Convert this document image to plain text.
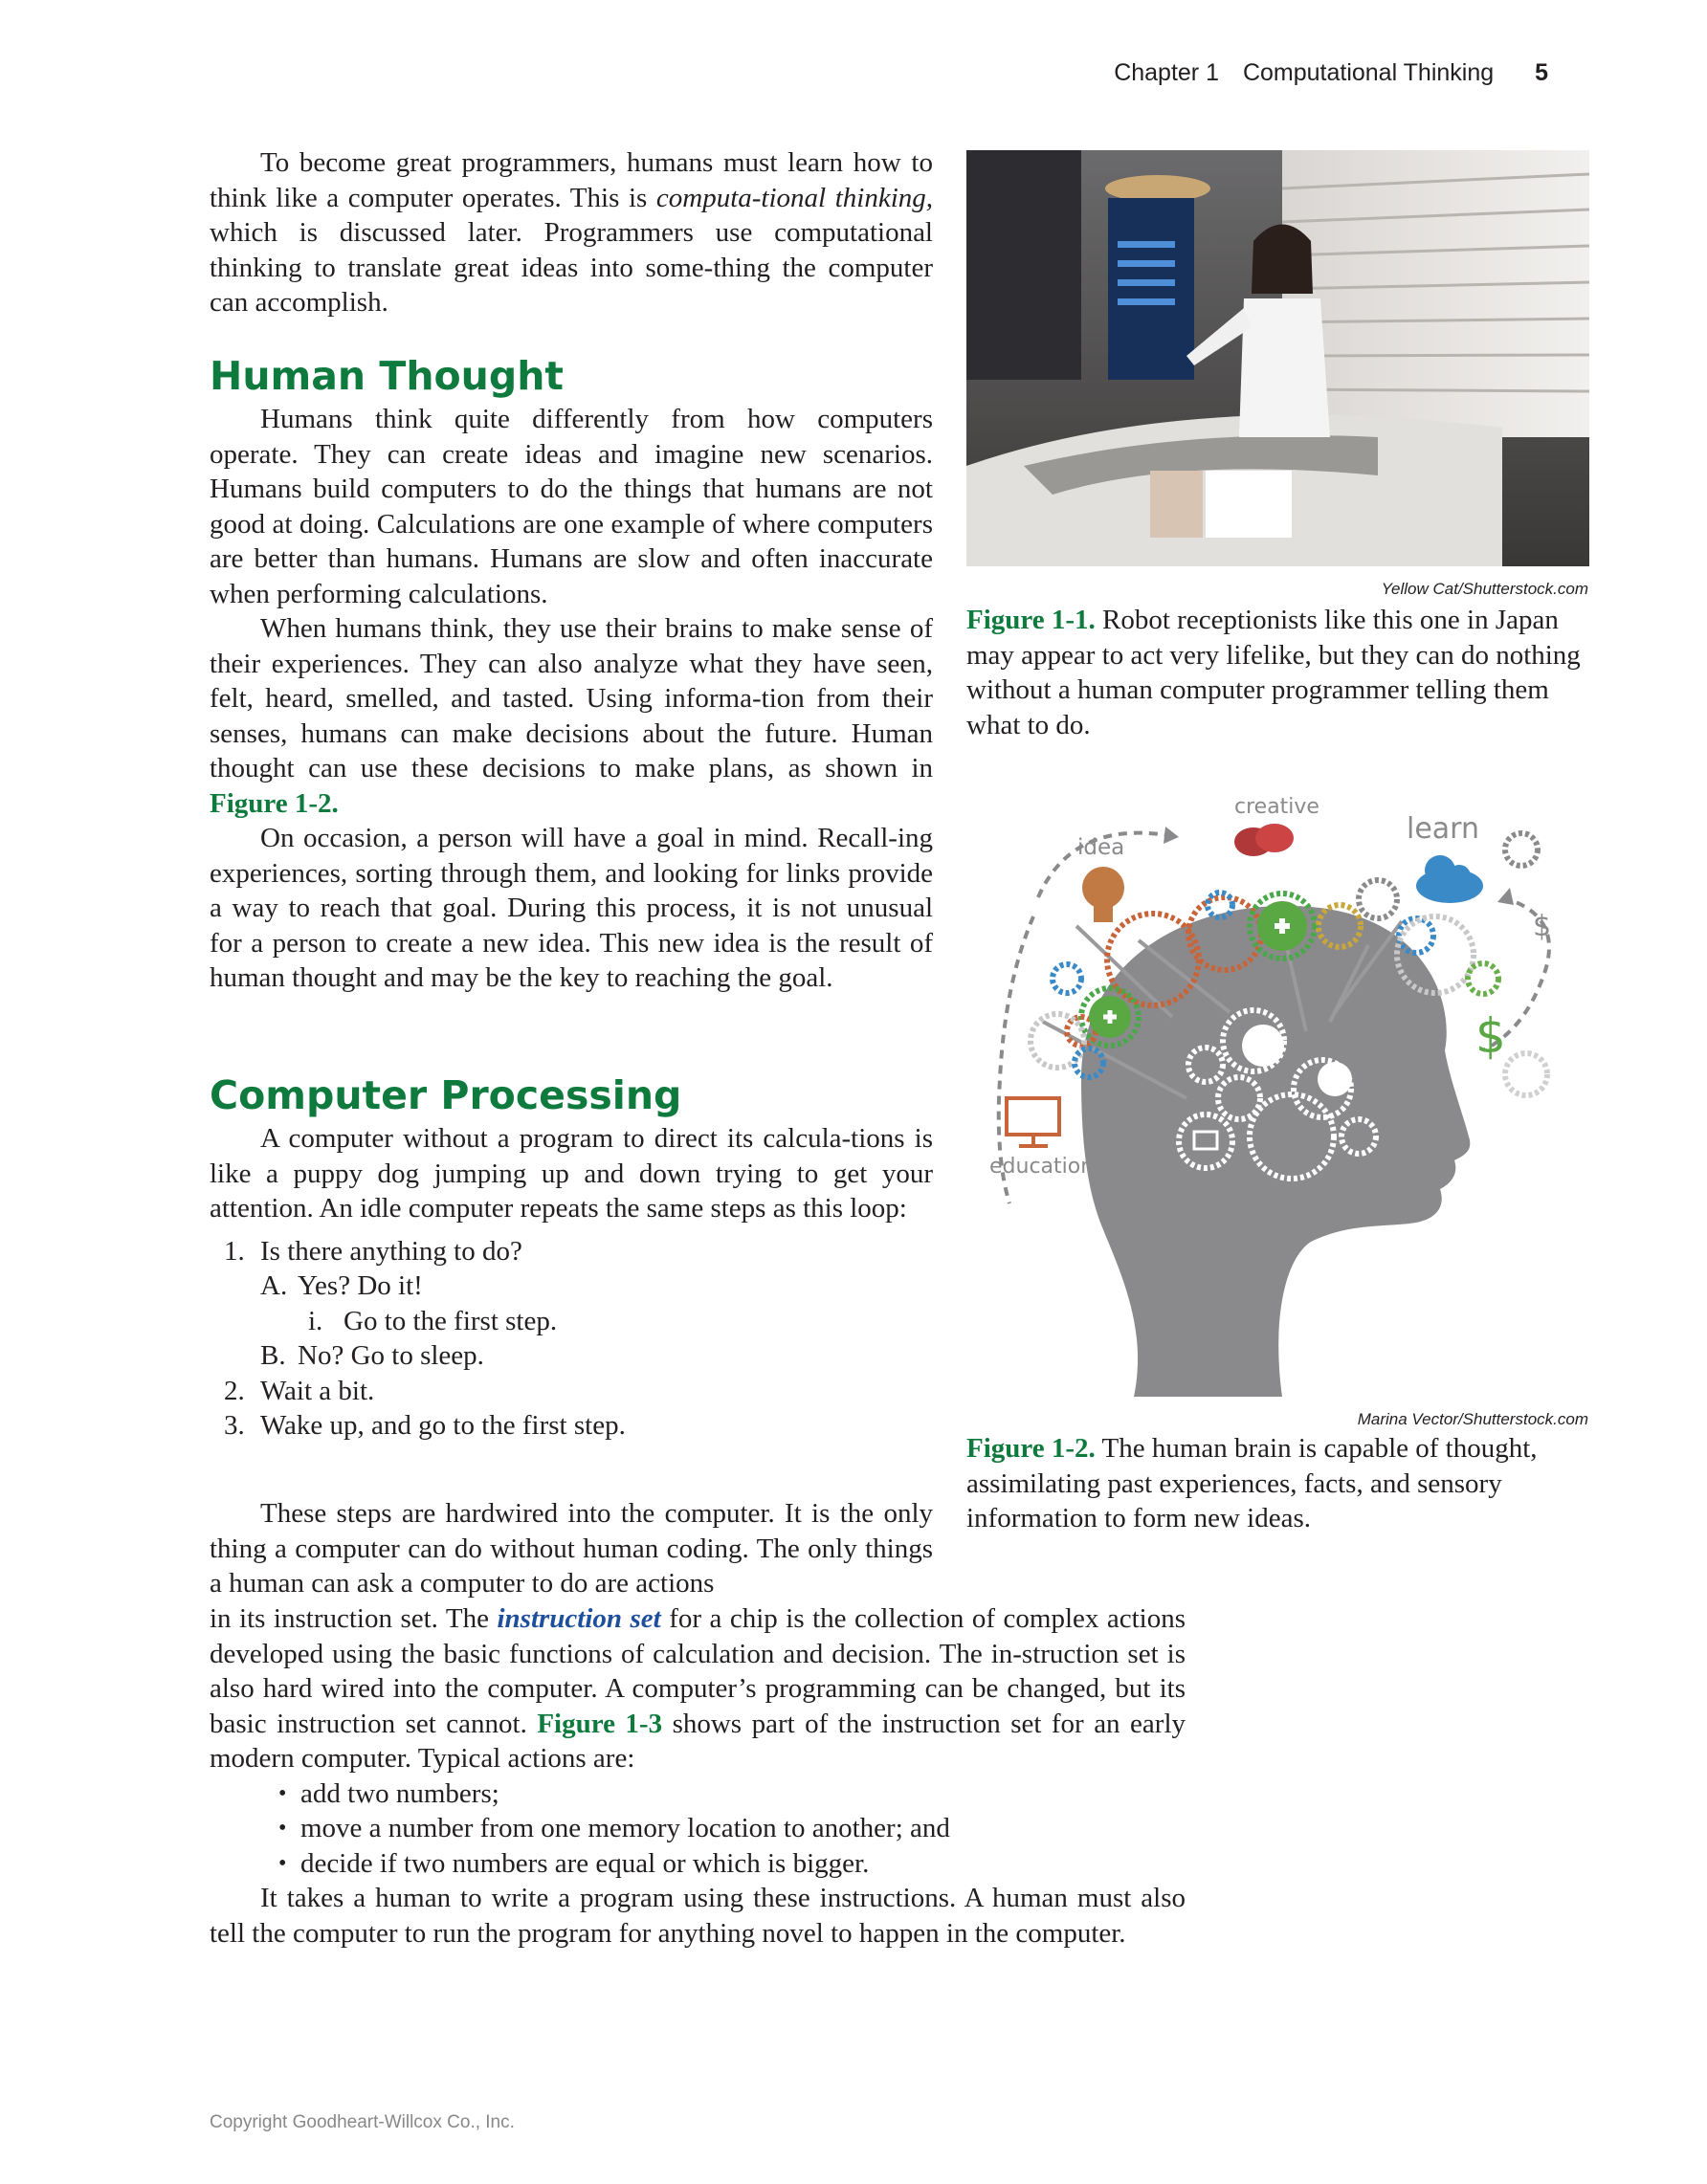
Chapter 1 Computational Thinking 5

To become great programmers, humans must learn how to think like a computer operates. This is computa-tional thinking, which is discussed later. Programmers use computational thinking to translate great ideas into some-thing the computer can accomplish.

Human Thought

Humans think quite differently from how computers operate. They can create ideas and imagine new scenarios. Humans build computers to do the things that humans are not good at doing. Calculations are one example of where computers are better than humans. Humans are slow and often inaccurate when performing calculations.

When humans think, they use their brains to make sense of their experiences. They can also analyze what they have seen, felt, heard, smelled, and tasted. Using informa-tion from their senses, humans can make decisions about the future. Human thought can use these decisions to make plans, as shown in Figure 1-2.

On occasion, a person will have a goal in mind. Recall-ing experiences, sorting through them, and looking for links provide a way to reach that goal. During this process, it is not unusual for a person to create a new idea. This new idea is the result of human thought and may be the key to reaching the goal.

Computer Processing

A computer without a program to direct its calcula-tions is like a puppy dog jumping up and down trying to get your attention. An idle computer repeats the same steps as this loop:

1. Is there anything to do?
A. Yes? Do it!
i. Go to the first step.
B. No? Go to sleep.
2. Wait a bit.
3. Wake up, and go to the first step.

These steps are hardwired into the computer. It is the only thing a computer can do without human coding. The only things a human can ask a computer to do are actions

in its instruction set. The instruction set for a chip is the collection of complex actions developed using the basic functions of calculation and decision. The in-struction set is also hard wired into the computer. A computer’s programming can be changed, but its basic instruction set cannot. Figure 1-3 shows part of the instruction set for an early modern computer. Typical actions are:

• add two numbers;
• move a number from one memory location to another; and
• decide if two numbers are equal or which is bigger.

It takes a human to write a program using these instructions. A human must also tell the computer to run the program for anything novel to happen in the computer.

Yellow Cat/Shutterstock.com
Figure 1-1. Robot receptionists like this one in Japan may appear to act very lifelike, but they can do nothing without a human computer programmer telling them what to do.
creative
idea
learn
education
$
$
Marina Vector/Shutterstock.com
Figure 1-2. The human brain is capable of thought, assimilating past experiences, facts, and sensory information to form new ideas.
Copyright Goodheart-Willcox Co., Inc.
